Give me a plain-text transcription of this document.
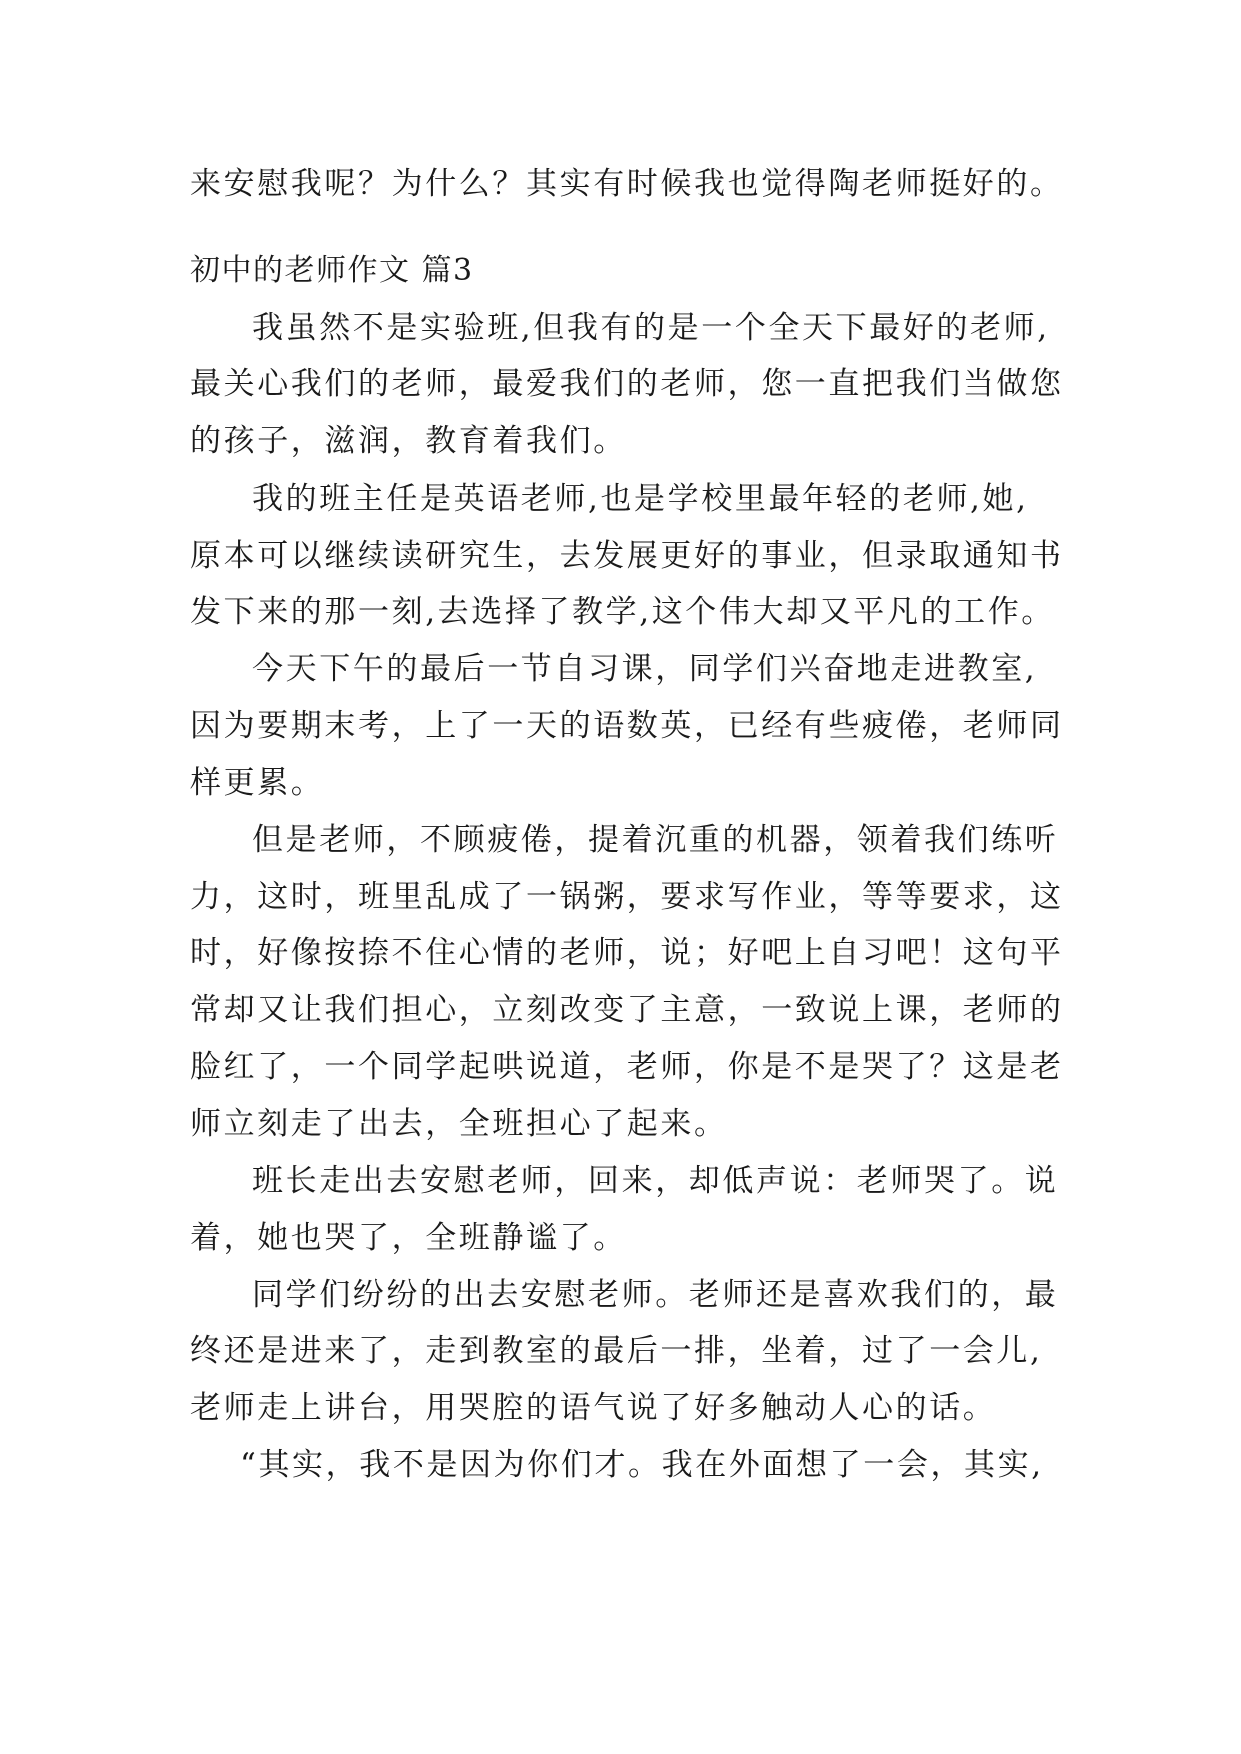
来安慰我呢？为什么？其实有时候我也觉得陶老师挺好的。
初中的老师作文 篇3
我虽然不是实验班,但我有的是一个全天下最好的老师,
最关心我们的老师，最爱我们的老师，您一直把我们当做您
的孩子，滋润，教育着我们。
我的班主任是英语老师,也是学校里最年轻的老师,她,
原本可以继续读研究生，去发展更好的事业，但录取通知书
发下来的那一刻,去选择了教学,这个伟大却又平凡的工作。
今天下午的最后一节自习课，同学们兴奋地走进教室,
因为要期末考，上了一天的语数英，已经有些疲倦，老师同
样更累。
但是老师，不顾疲倦，提着沉重的机器，领着我们练听
力，这时，班里乱成了一锅粥，要求写作业，等等要求，这
时，好像按捺不住心情的老师，说；好吧上自习吧！这句平
常却又让我们担心，立刻改变了主意，一致说上课，老师的
脸红了，一个同学起哄说道，老师，你是不是哭了？这是老
师立刻走了出去，全班担心了起来。
班长走出去安慰老师，回来，却低声说：老师哭了。说
着，她也哭了，全班静谧了。
同学们纷纷的出去安慰老师。老师还是喜欢我们的，最
终还是进来了，走到教室的最后一排，坐着，过了一会儿,
老师走上讲台，用哭腔的语气说了好多触动人心的话。
“其实，我不是因为你们才。我在外面想了一会，其实,
